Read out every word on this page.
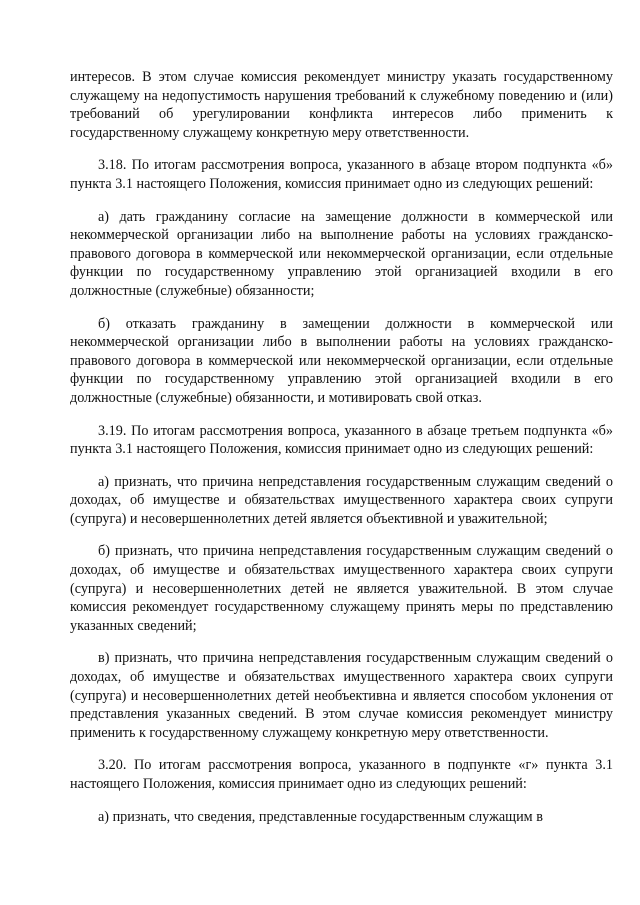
интересов. В этом случае комиссия рекомендует министру указать государственному служащему на недопустимость нарушения требований к служебному поведению и (или) требований об урегулировании конфликта интересов либо применить к государственному служащему конкретную меру ответственности.

3.18. По итогам рассмотрения вопроса, указанного в абзаце втором подпункта «б» пункта 3.1 настоящего Положения, комиссия принимает одно из следующих решений:

а) дать гражданину согласие на замещение должности в коммерческой или некоммерческой организации либо на выполнение работы на условиях гражданско-правового договора в коммерческой или некоммерческой организации, если отдельные функции по государственному управлению этой организацией входили в его должностные (служебные) обязанности;

б) отказать гражданину в замещении должности в коммерческой или некоммерческой организации либо в выполнении работы на условиях гражданско-правового договора в коммерческой или некоммерческой организации, если отдельные функции по государственному управлению этой организацией входили в его должностные (служебные) обязанности, и мотивировать свой отказ.

3.19. По итогам рассмотрения вопроса, указанного в абзаце третьем подпункта «б» пункта 3.1 настоящего Положения, комиссия принимает одно из следующих решений:

а) признать, что причина непредставления государственным служащим сведений о доходах, об имуществе и обязательствах имущественного характера своих супруги (супруга) и несовершеннолетних детей является объективной и уважительной;

б) признать, что причина непредставления государственным служащим сведений о доходах, об имуществе и обязательствах имущественного характера своих супруги (супруга) и несовершеннолетних детей не является уважительной. В этом случае комиссия рекомендует государственному служащему принять меры по представлению указанных сведений;

в) признать, что причина непредставления государственным служащим сведений о доходах, об имуществе и обязательствах имущественного характера своих супруги (супруга) и несовершеннолетних детей необъективна и является способом уклонения от представления указанных сведений. В этом случае комиссия рекомендует министру применить к государственному служащему конкретную меру ответственности.

3.20. По итогам рассмотрения вопроса, указанного в подпункте «г» пункта 3.1 настоящего Положения, комиссия принимает одно из следующих решений:

а) признать, что сведения, представленные государственным служащим в
